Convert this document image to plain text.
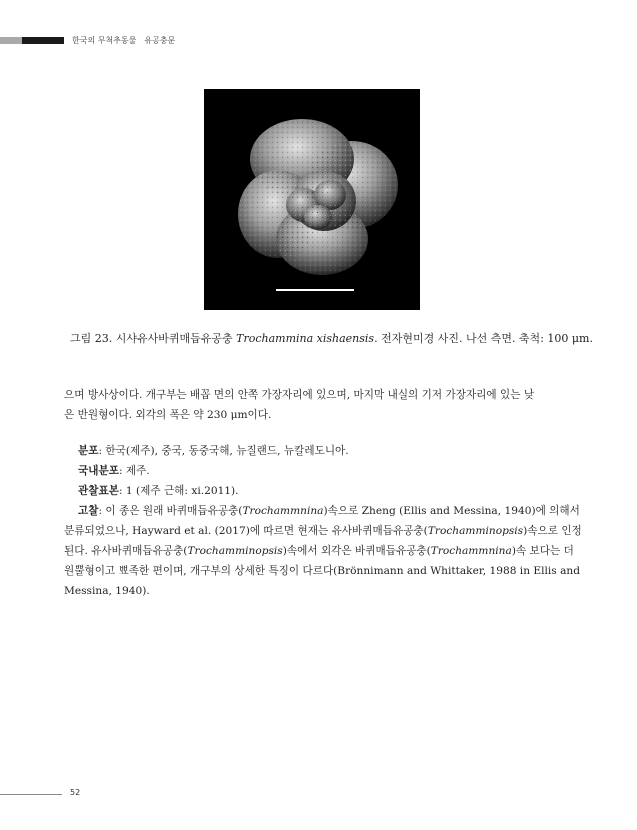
한국의 무척추동물 유공충문
그림 23. 시샤유사바퀴매듭유공충 Trochammina xishaensis. 전자현미경 사진. 나선 측면. 축척: 100 μm.
으며 방사상이다. 개구부는 배꼽 면의 안쪽 가장자리에 있으며, 마지막 내실의 기저 가장자리에 있는 낮
은 반원형이다. 외각의 폭은 약 230 μm이다.
분포: 한국(제주), 중국, 동중국해, 뉴질랜드, 뉴칼레도니아.
국내분포: 제주.
관찰표본: 1 (제주 근해: xi.2011).
고찰: 이 종은 원래 바퀴매듭유공충(Trochammnina)속으로 Zheng (Ellis and Messina, 1940)에 의해서
분류되었으나, Hayward et al. (2017)에 따르면 현재는 유사바퀴매듭유공충(Trochamminopsis)속으로 인정
된다. 유사바퀴매듭유공충(Trochamminopsis)속에서 외각은 바퀴매듭유공충(Trochammnina)속 보다는 더
원뿔형이고 뾰족한 편이며, 개구부의 상세한 특징이 다르다(Brönnimann and Whittaker, 1988 in Ellis and
Messina, 1940).
52
